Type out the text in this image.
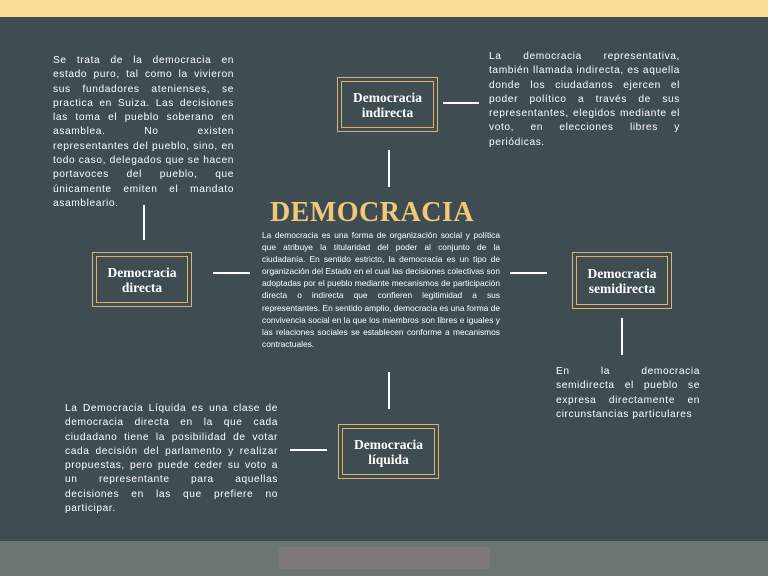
Se trata de la democracia en estado puro, tal como la vivieron sus fundadores atenienses, se practica en Suiza. Las decisiones las toma el pueblo soberano en asamblea. No existen representantes del pueblo, sino, en todo caso, delegados que se hacen portavoces del pueblo, que únicamente emiten el mandato asambleario.

La democracia representativa, también llamada indirecta, es aquella donde los ciudadanos ejercen el poder político a través de sus representantes, elegidos mediante el voto, en elecciones libres y periódicas.

Democracia
indirecta
DEMOCRACIA

La democracia es una forma de organización social y política que atribuye la titularidad del poder al conjunto de la ciudadanía. En sentido estricto, la democracia es un tipo de organización del Estado en el cual las decisiones colectivas son adoptadas por el pueblo mediante mecanismos de participación directa o indirecta que confieren legitimidad a sus representantes. En sentido amplio, democracia es una forma de convivencia social en la que los miembros son libres e iguales y las relaciones sociales se establecen conforme a mecanismos contractuales.

Democracia
directa
Democracia
semidirecta

En la democracia semidirecta el pueblo se expresa directamente en circunstancias particulares

La Democracia Líquida es una clase de democracia directa en la que cada ciudadano tiene la posibilidad de votar cada decisión del parlamento y realizar propuestas, pero puede ceder su voto a un representante para aquellas decisiones en las que prefiere no participar.

Democracia
líquida
